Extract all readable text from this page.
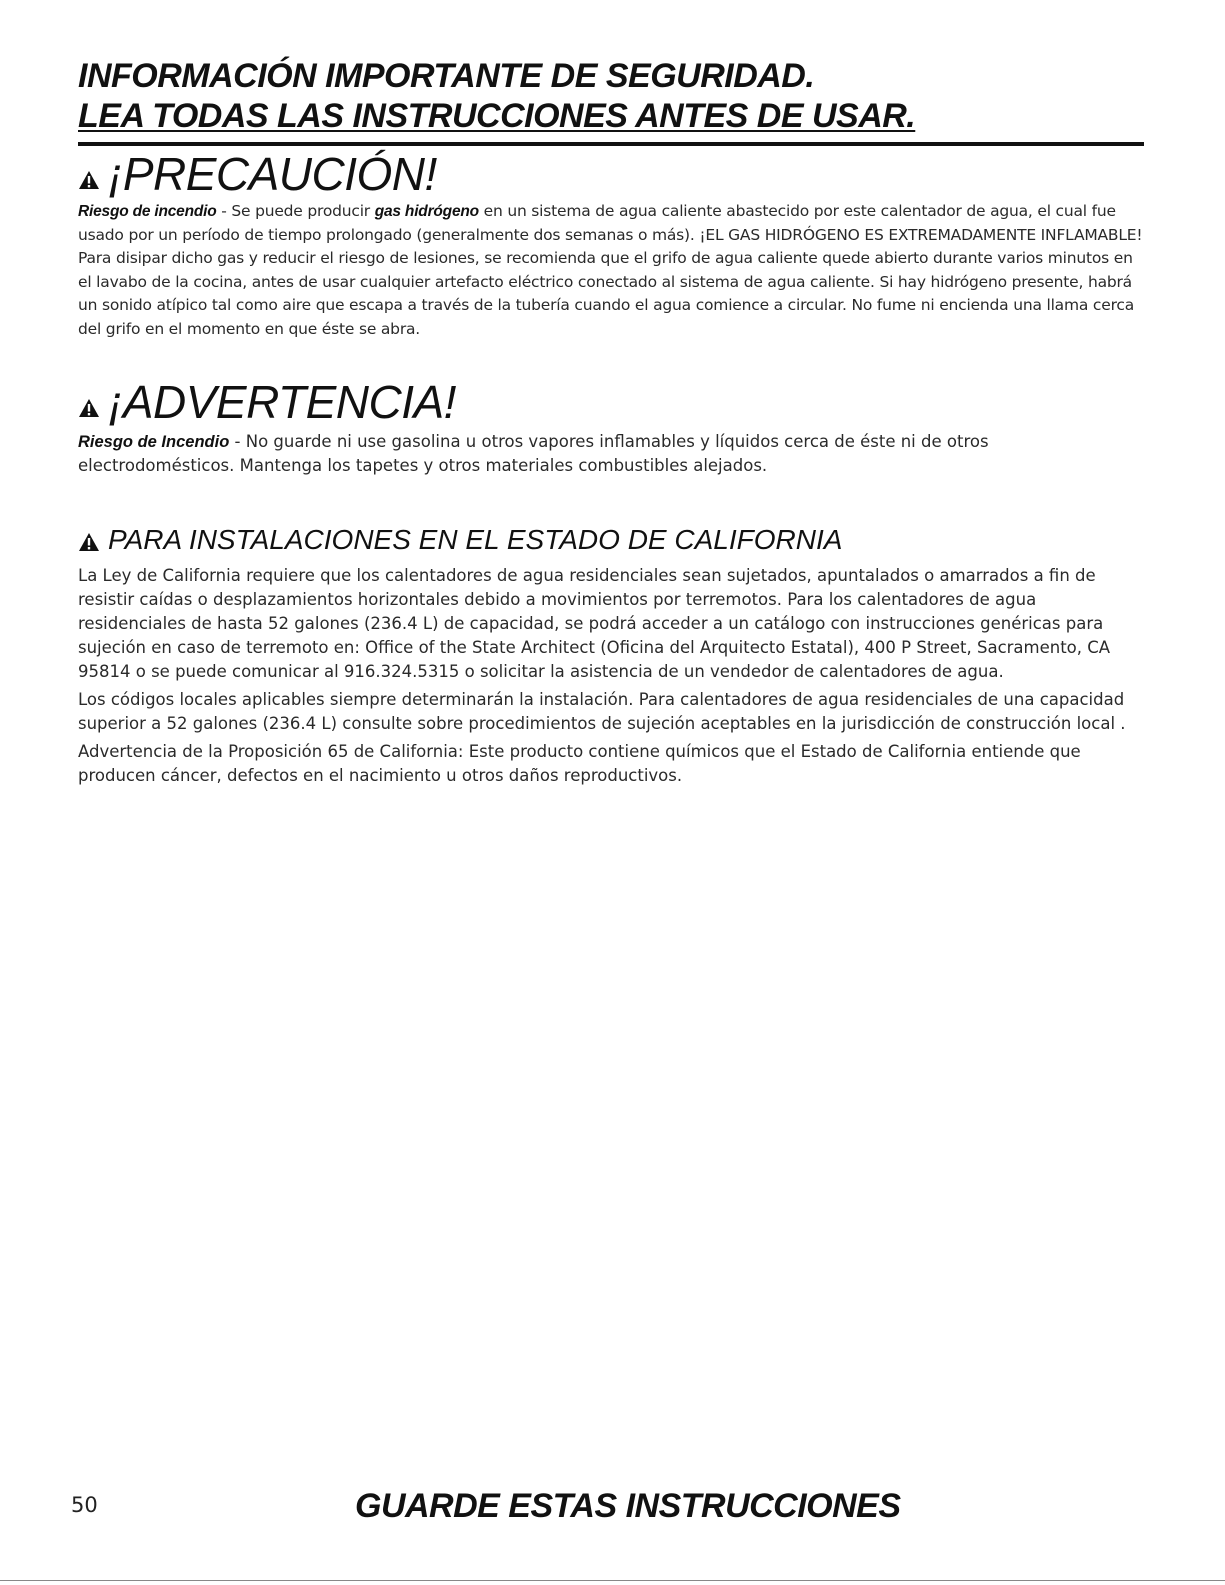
INFORMACIÓN IMPORTANTE DE SEGURIDAD.
LEA TODAS LAS INSTRUCCIONES ANTES DE USAR.
¡PRECAUCIÓN!

Riesgo de incendio - Se puede producir gas hidrógeno en un sistema de agua caliente abastecido por este calentador de agua, el cual fue usado por un período de tiempo prolongado (generalmente dos semanas o más). ¡EL GAS HIDRÓGENO ES EXTREMADAMENTE INFLAMABLE! Para disipar dicho gas y reducir el riesgo de lesiones, se recomienda que el grifo de agua caliente quede abierto durante varios minutos en el lavabo de la cocina, antes de usar cualquier artefacto eléctrico conectado al sistema de agua caliente. Si hay hidrógeno presente, habrá un sonido atípico tal como aire que escapa a través de la tubería cuando el agua comience a circular. No fume ni encienda una llama cerca del grifo en el momento en que éste se abra.

¡ADVERTENCIA!

Riesgo de Incendio - No guarde ni use gasolina u otros vapores inflamables y líquidos cerca de éste ni de otros electrodomésticos. Mantenga los tapetes y otros materiales combustibles alejados.

PARA INSTALACIONES EN EL ESTADO DE CALIFORNIA

La Ley de California requiere que los calentadores de agua residenciales sean sujetados, apuntalados o amarrados a fin de resistir caídas o desplazamientos horizontales debido a movimientos por terremotos. Para los calentadores de agua residenciales de hasta 52 galones (236.4 L) de capacidad, se podrá acceder a un catálogo con instrucciones genéricas para sujeción en caso de terremoto en: Office of the State Architect (Oficina del Arquitecto Estatal), 400 P Street, Sacramento, CA 95814 o se puede comunicar al 916.324.5315 o solicitar la asistencia de un vendedor de calentadores de agua.

Los códigos locales aplicables siempre determinarán la instalación. Para calentadores de agua residenciales de una capacidad superior a 52 galones (236.4 L) consulte sobre procedimientos de sujeción aceptables en la jurisdicción de construcción local .

Advertencia de la Proposición 65 de California: Este producto contiene químicos que el Estado de California entiende que producen cáncer, defectos en el nacimiento u otros daños reproductivos.

50	GUARDE ESTAS INSTRUCCIONES
